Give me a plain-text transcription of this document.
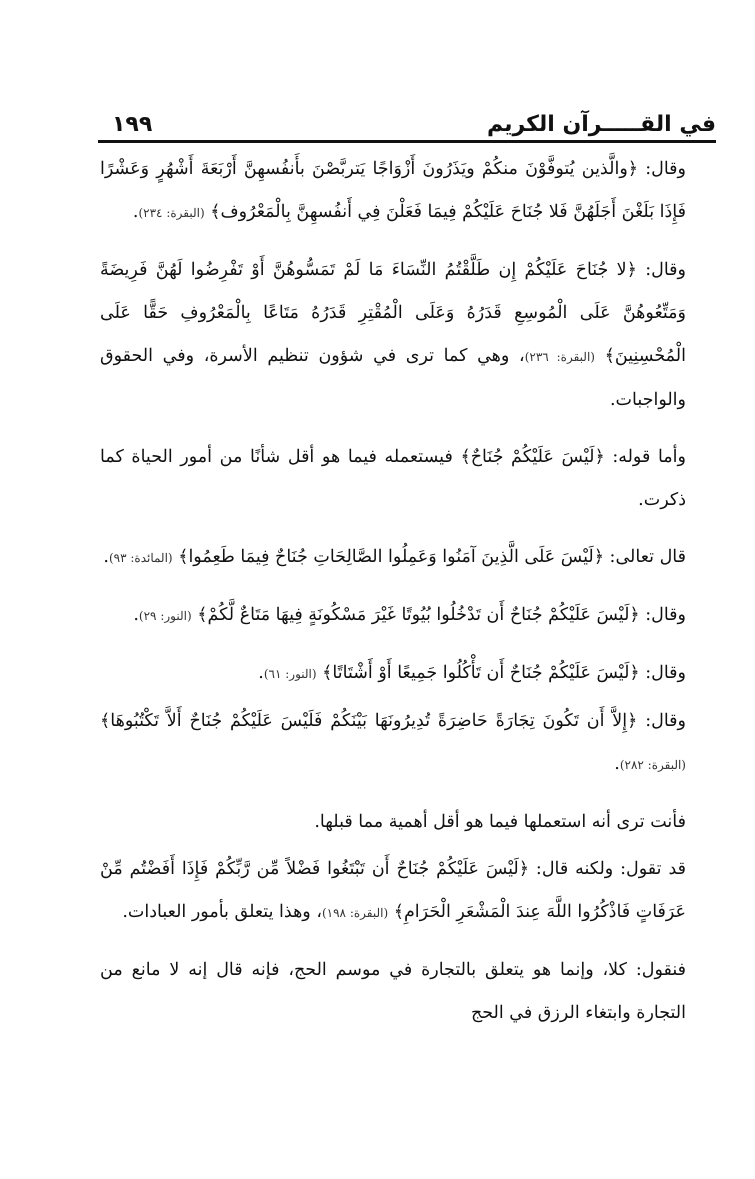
في القـــــرآن الكريم
١٩٩

وقال: ﴿والَّذين يُتوفَّوْنَ منكُمْ ويَذَرُونَ أَزْوَاجًا يَتربَّصْنَ بأَنفُسهِنَّ أَرْبَعَةَ أَشْهُرٍ وَعَشْرًا فَإِذَا بَلَغْنَ أَجَلَهُنَّ فَلا جُنَاحَ عَلَيْكُمْ فِيمَا فَعَلْنَ فِي أَنفُسهِنَّ بِالْمَعْرُوف﴾ (البقرة: ٢٣٤).

وقال: ﴿لا جُنَاحَ عَلَيْكُمْ إِن طَلَّقْتُمُ النِّسَاءَ مَا لَمْ تَمَسُّوهُنَّ أَوْ تَفْرِضُوا لَهُنَّ فَرِيضَةً وَمَتِّعُوهُنَّ عَلَى الْمُوسِعِ قَدَرُهُ وَعَلَى الْمُقْتِرِ قَدَرُهُ مَتَاعًا بِالْمَعْرُوفِ حَقًّا عَلَى الْمُحْسِنِينَ﴾ (البقرة: ٢٣٦)، وهي كما ترى في شؤون تنظيم الأسرة، وفي الحقوق والواجبات.

وأما قوله: ﴿لَيْسَ عَلَيْكُمْ جُنَاحٌ﴾ فيستعمله فيما هو أقل شأنًا من أمور الحياة كما ذكرت.

قال تعالى: ﴿لَيْسَ عَلَى الَّذِينَ آمَنُوا وَعَمِلُوا الصَّالِحَاتِ جُنَاحٌ فِيمَا طَعِمُوا﴾ (المائدة: ٩٣).

وقال: ﴿لَيْسَ عَلَيْكُمْ جُنَاحٌ أَن تَدْخُلُوا بُيُوتًا غَيْرَ مَسْكُونَةٍ فِيهَا مَتَاعٌ لَّكُمْ﴾ (النور: ٢٩).

وقال: ﴿لَيْسَ عَلَيْكُمْ جُنَاحٌ أَن تَأْكُلُوا جَمِيعًا أَوْ أَشْتَاتًا﴾ (النور: ٦١).

وقال: ﴿إِلاَّ أَن تَكُونَ تِجَارَةً حَاضِرَةً تُدِيرُونَهَا بَيْنَكُمْ فَلَيْسَ عَلَيْكُمْ جُنَاحٌ أَلاَّ تَكْتُبُوهَا﴾ (البقرة: ٢٨٢).

فأنت ترى أنه استعملها فيما هو أقل أهمية مما قبلها.

قد تقول: ولكنه قال: ﴿لَيْسَ عَلَيْكُمْ جُنَاحٌ أَن تَبْتَغُوا فَضْلاً مِّن رَّبِّكُمْ فَإِذَا أَفَضْتُم مِّنْ عَرَفَاتٍ فَاذْكُرُوا اللَّهَ عِندَ الْمَشْعَرِ الْحَرَامِ﴾ (البقرة: ١٩٨)، وهذا يتعلق بأمور العبادات.

فنقول: كلا، وإنما هو يتعلق بالتجارة في موسم الحج، فإنه قال إنه لا مانع من التجارة وابتغاء الرزق في الحج
